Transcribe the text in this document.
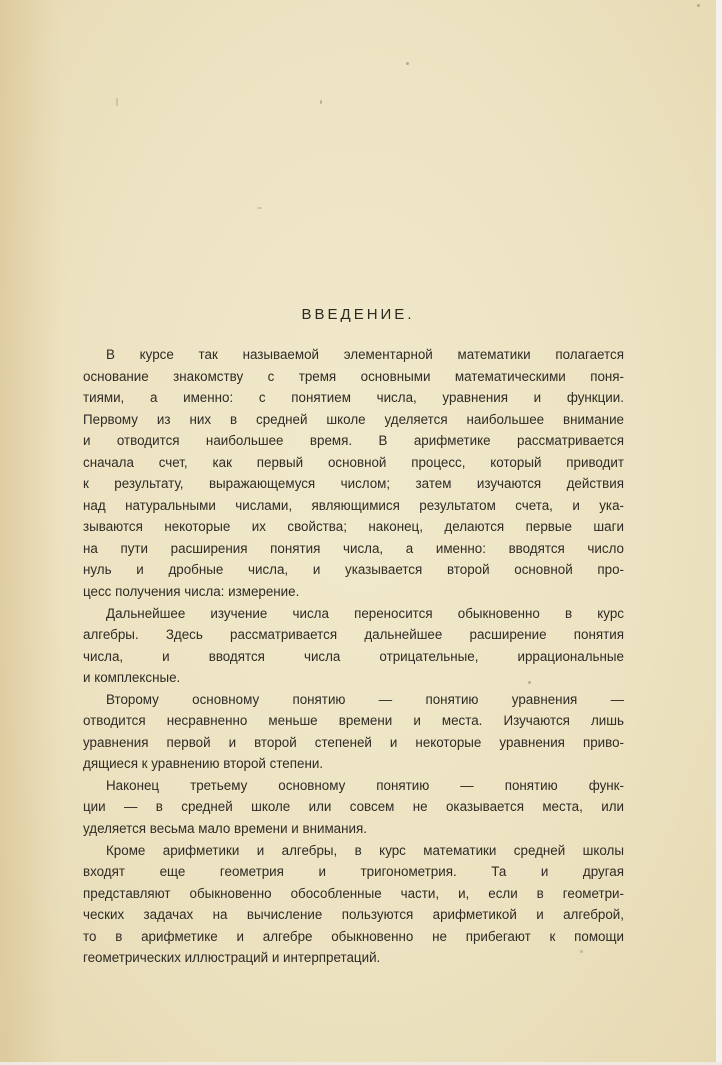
ВВЕДЕНИЕ.
В курсе так называемой элементарной математики полагается
основание знакомству с тремя основными математическими поня-
тиями, а именно: с понятием числа, уравнения и функции.
Первому из них в средней школе уделяется наибольшее внимание
и отводится наибольшее время. В арифметике рассматривается
сначала счет, как первый основной процесс, который приводит
к результату, выражающемуся числом; затем изучаются действия
над натуральными числами, являющимися результатом счета, и ука-
зываются некоторые их свойства; наконец, делаются первые шаги
на пути расширения понятия числа, а именно: вводятся число
нуль и дробные числа, и указывается второй основной про-
цесс получения числа: измерение.
Дальнейшее изучение числа переносится обыкновенно в курс
алгебры. Здесь рассматривается дальнейшее расширение понятия
числа, и вводятся числа отрицательные, иррациональные
и комплексные.
Второму основному понятию — понятию уравнения —
отводится несравненно меньше времени и места. Изучаются лишь
уравнения первой и второй степеней и некоторые уравнения приво-
дящиеся к уравнению второй степени.
Наконец третьему основному понятию — понятию функ-
ции — в средней школе или совсем не оказывается места, или
уделяется весьма мало времени и внимания.
Кроме арифметики и алгебры, в курс математики средней школы
входят еще геометрия и тригонометрия. Та и другая
представляют обыкновенно обособленные части, и, если в геометри-
ческих задачах на вычисление пользуются арифметикой и алгеброй,
то в арифметике и алгебре обыкновенно не прибегают к помощи
геометрических иллюстраций и интерпретаций.
